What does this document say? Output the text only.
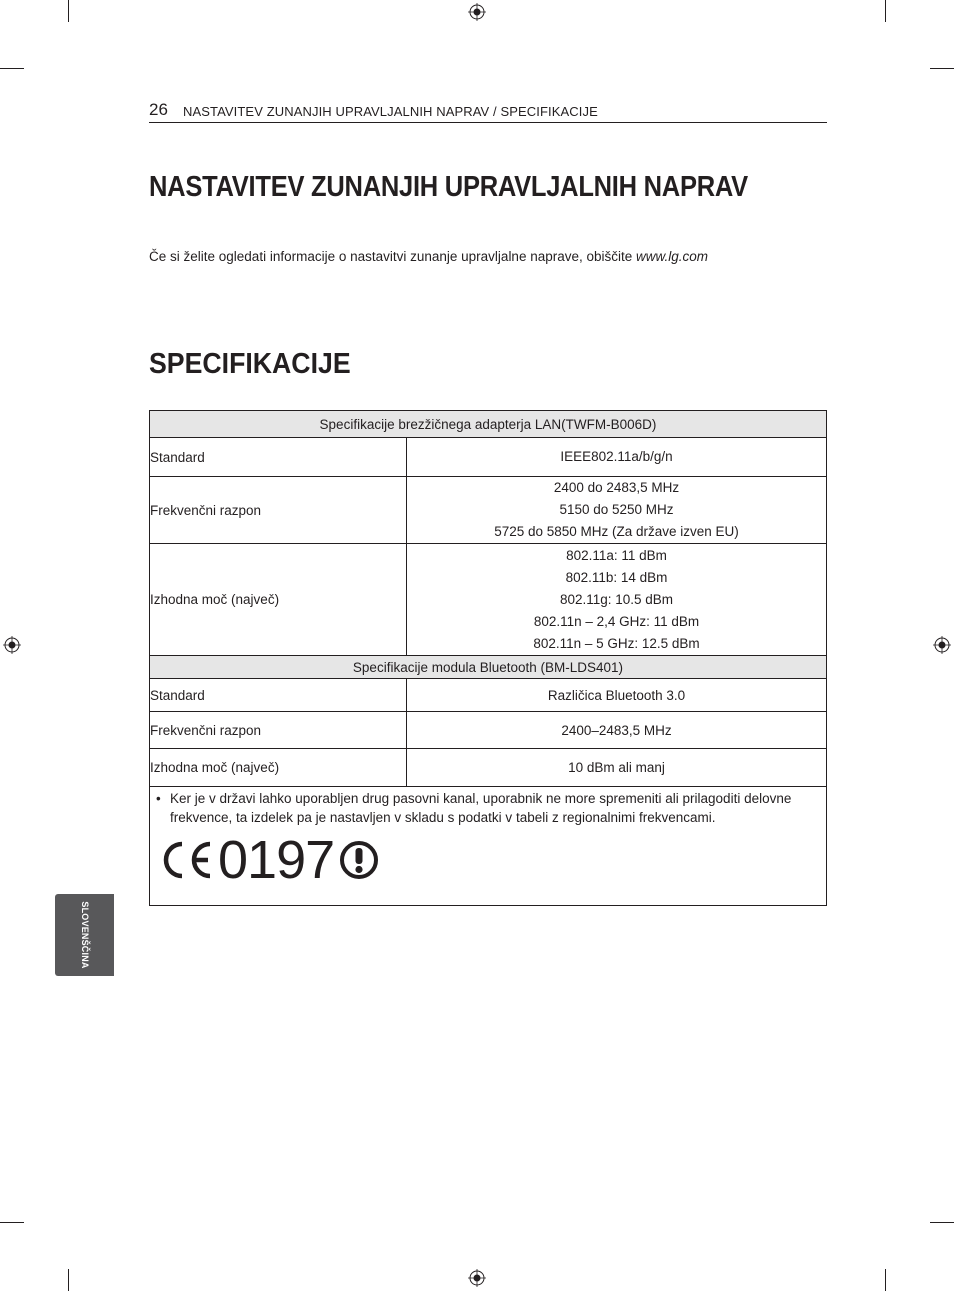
26 NASTAVITEV ZUNANJIH UPRAVLJALNIH NAPRAV / SPECIFIKACIJE
NASTAVITEV ZUNANJIH UPRAVLJALNIH NAPRAV

Če si želite ogledati informacije o nastavitvi zunanje upravljalne naprave, obiščite www.lg.com

SPECIFIKACIJE
Specifikacije brezžičnega adapterja LAN(TWFM-B006D)	
Standard	IEEE802.11a/b/g/n

Frekvenčni razpon	2400 do 2483,5 MHz
5150 do 5250 MHz
5725 do 5850 MHz (Za države izven EU)

Izhodna moč (največ)	802.11a: 11 dBm
802.11b: 14 dBm
802.11g: 10.5 dBm
802.11n – 2,4 GHz: 11 dBm
802.11n – 5 GHz: 12.5 dBm

Specifikacije modula Bluetooth (BM-LDS401)	
Standard	Različica Bluetooth 3.0
Frekvenčni razpon	2400–2483,5 MHz
Izhodna moč (največ)	10 dBm ali manj

• Ker je v državi lahko uporabljen drug pasovni kanal, uporabnik ne more spremeniti ali prilagoditi delovne frekvence, ta izdelek pa je nastavljen v skladu s podatki v tabeli z regionalnimi frekvencami.
0197	
SLOVENŠČINA
